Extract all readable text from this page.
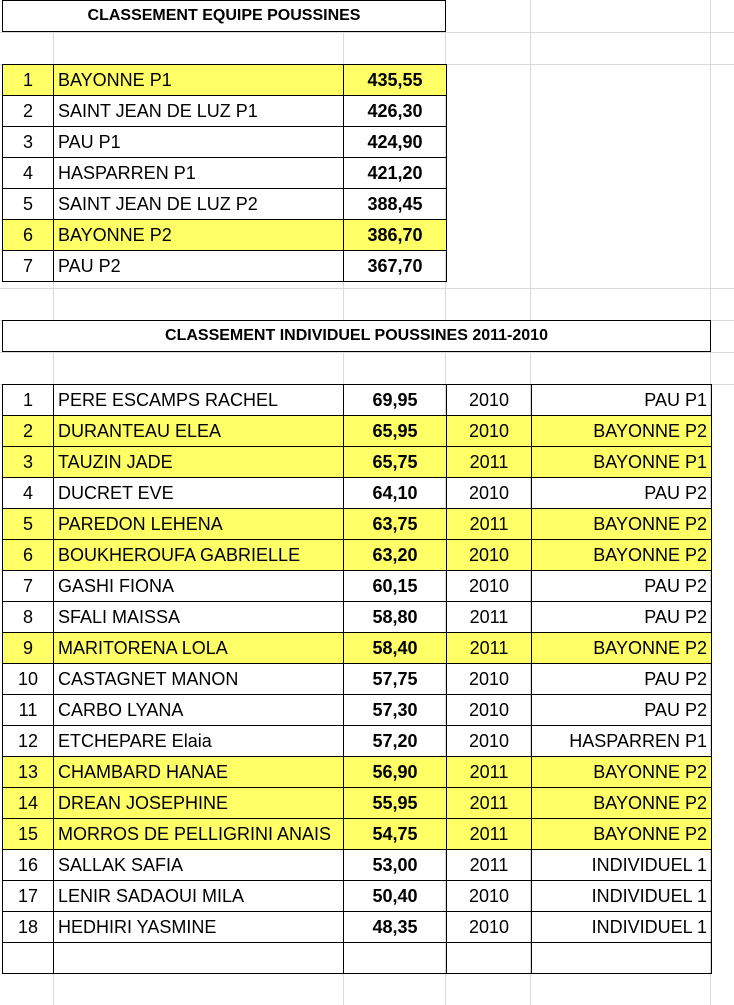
CLASSEMENT EQUIPE POUSSINES
1	BAYONNE P1	435,55
2	SAINT JEAN DE LUZ P1	426,30
3	PAU P1	424,90
4	HASPARREN P1	421,20
5	SAINT JEAN DE LUZ P2	388,45
6	BAYONNE P2	386,70
7	PAU P2	367,70
CLASSEMENT INDIVIDUEL POUSSINES 2011-2010
1	PERE ESCAMPS RACHEL	69,95	2010	PAU P1
2	DURANTEAU ELEA	65,95	2010	BAYONNE P2
3	TAUZIN JADE	65,75	2011	BAYONNE P1
4	DUCRET EVE	64,10	2010	PAU P2
5	PAREDON LEHENA	63,75	2011	BAYONNE P2
6	BOUKHEROUFA GABRIELLE	63,20	2010	BAYONNE P2
7	GASHI FIONA	60,15	2010	PAU P2
8	SFALI MAISSA	58,80	2011	PAU P2
9	MARITORENA LOLA	58,40	2011	BAYONNE P2
10	CASTAGNET MANON	57,75	2010	PAU P2
11	CARBO LYANA	57,30	2010	PAU P2
12	ETCHEPARE Elaia	57,20	2010	HASPARREN P1
13	CHAMBARD HANAE	56,90	2011	BAYONNE P2
14	DREAN JOSEPHINE	55,95	2011	BAYONNE P2
15	MORROS DE PELLIGRINI ANAIS	54,75	2011	BAYONNE P2
16	SALLAK SAFIA	53,00	2011	INDIVIDUEL 1
17	LENIR SADAOUI MILA	50,40	2010	INDIVIDUEL 1
18	HEDHIRI YASMINE	48,35	2010	INDIVIDUEL 1
